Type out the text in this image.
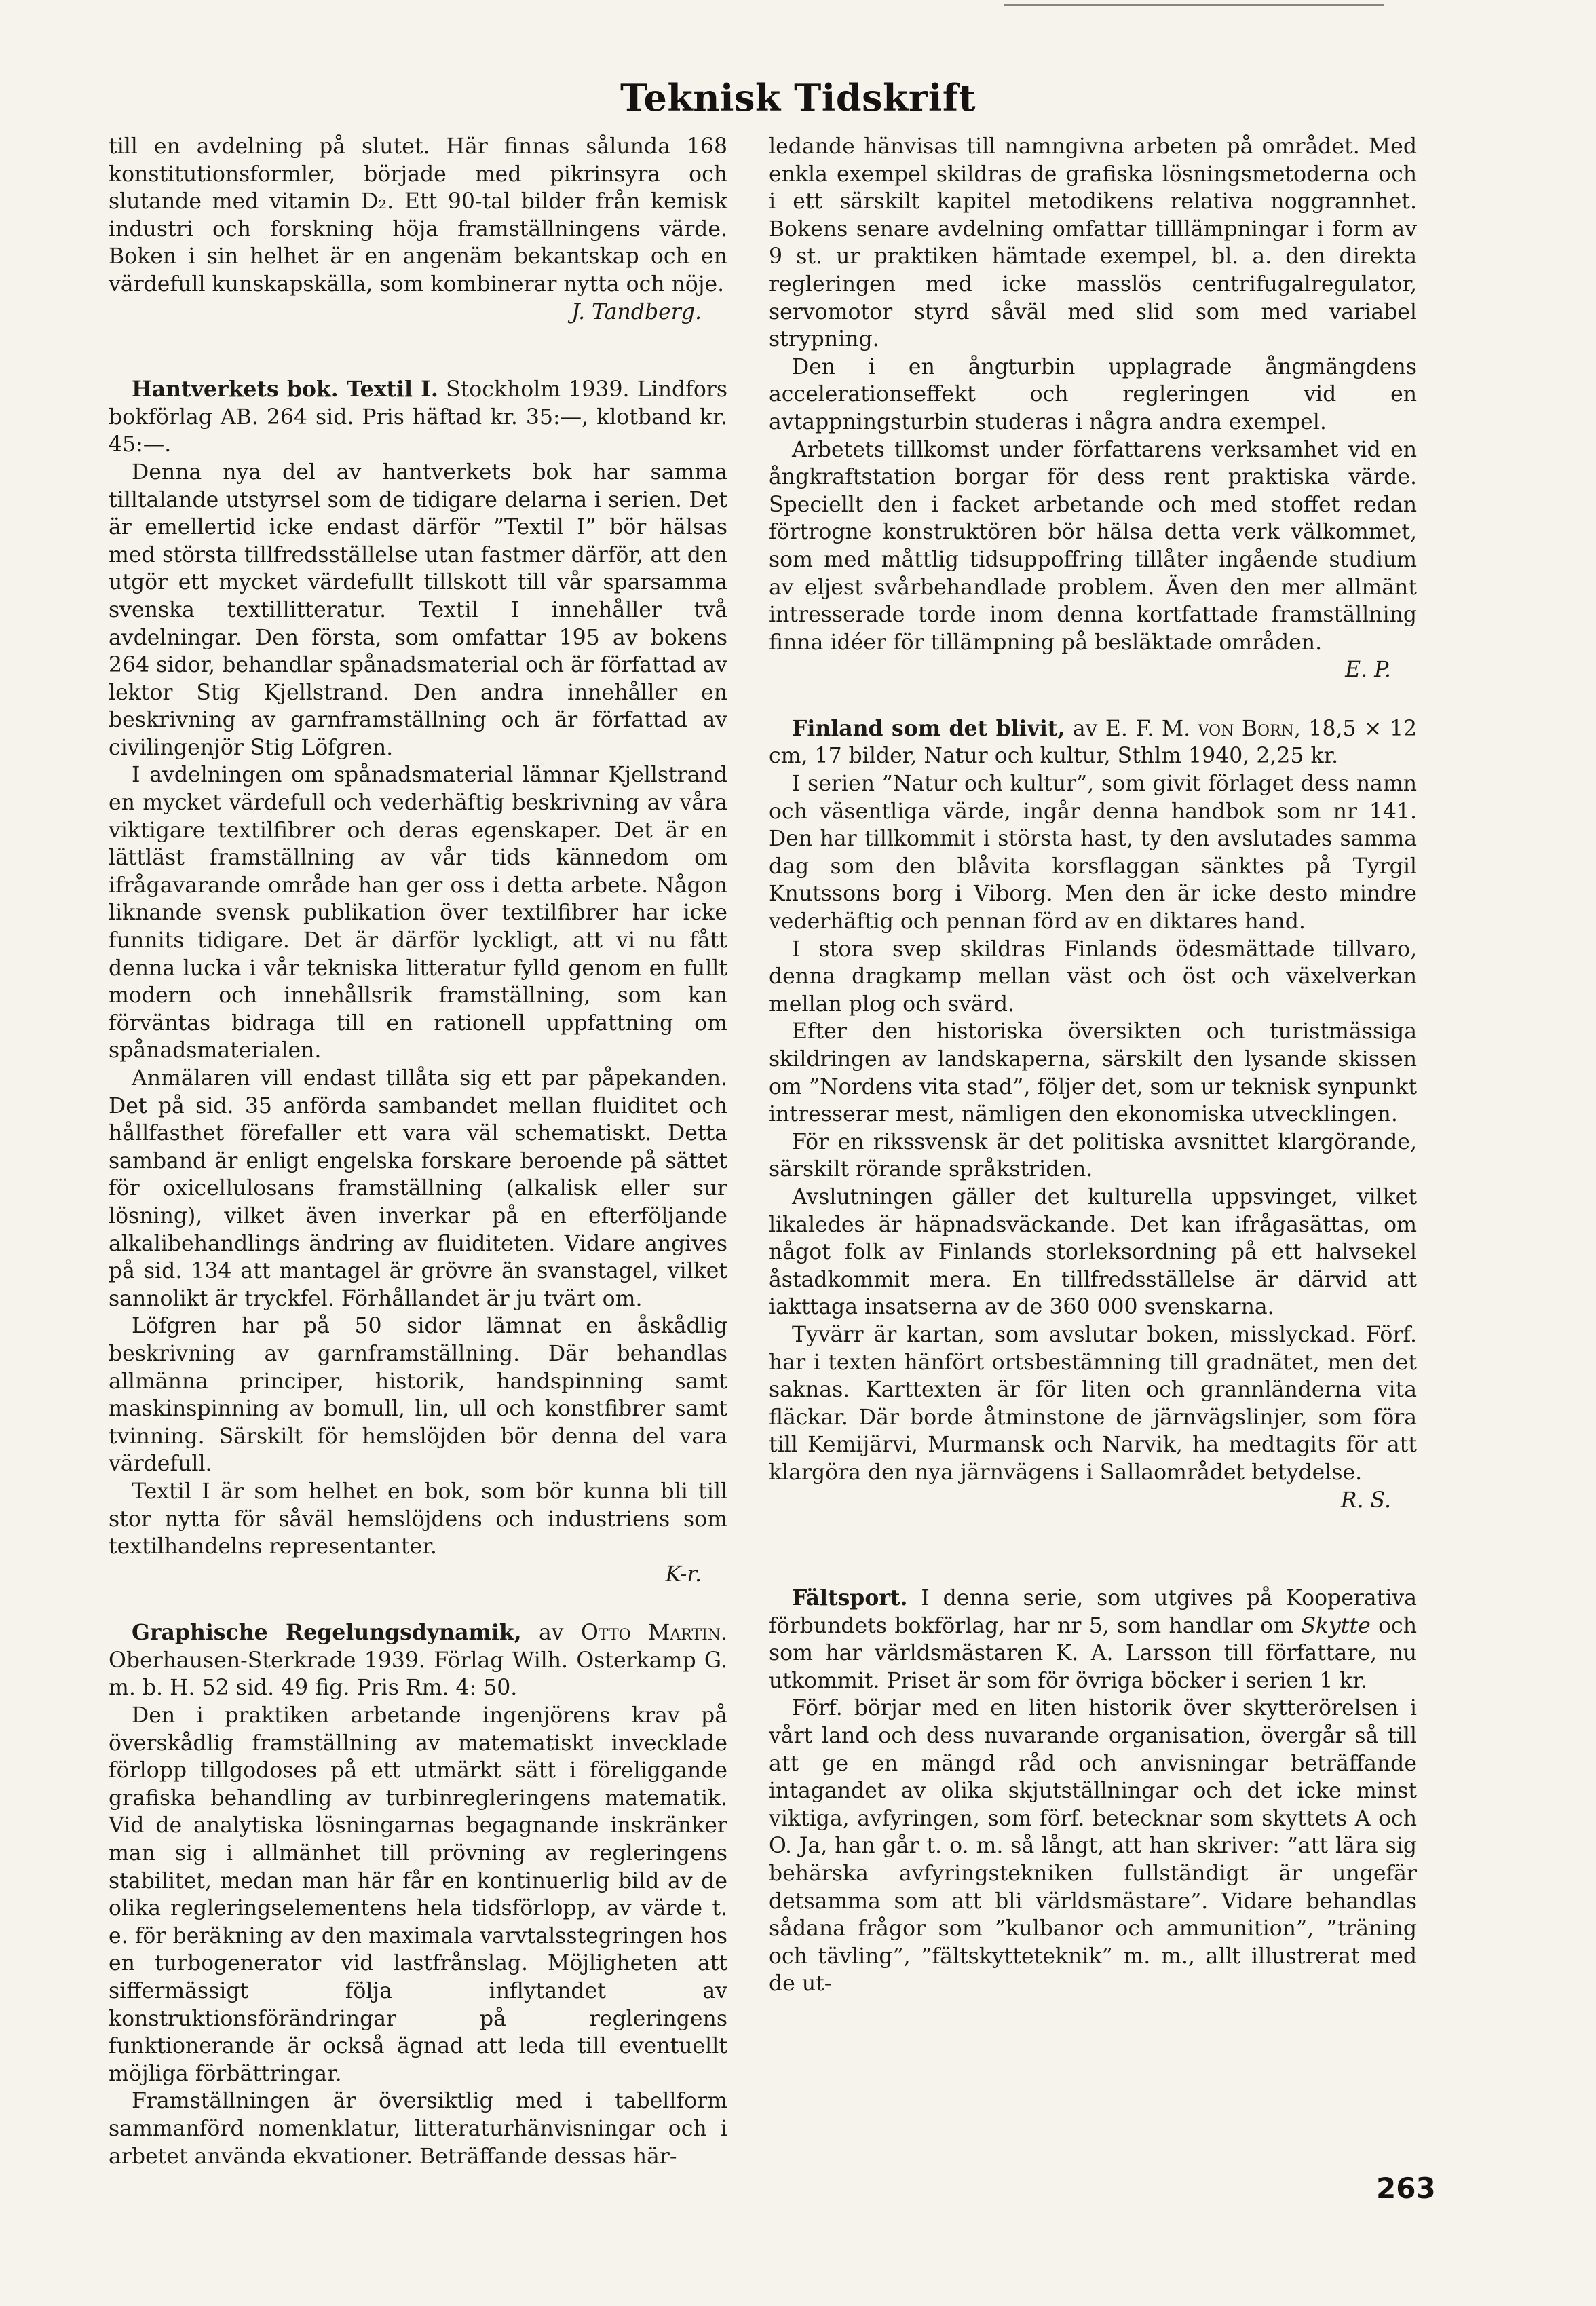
Teknisk Tidskrift

till en avdelning på slutet. Här finnas sålunda 168 konstitutionsformler, började med pikrinsyra och slutande med vitamin D₂. Ett 90-tal bilder från kemisk industri och forskning höja framställningens värde. Boken i sin helhet är en angenäm bekantskap och en värdefull kunskapskälla, som kombinerar nytta och nöje.

J. Tandberg.

Hantverkets bok. Textil I. Stockholm 1939. Lindfors bokförlag AB. 264 sid. Pris häftad kr. 35:—, klotband kr. 45:—.

Denna nya del av hantverkets bok har samma tilltalande utstyrsel som de tidigare delarna i serien. Det är emellertid icke endast därför ”Textil I” bör hälsas med största tillfredsställelse utan fastmer därför, att den utgör ett mycket värdefullt tillskott till vår sparsamma svenska textillitteratur. Textil I innehåller två avdelningar. Den första, som omfattar 195 av bokens 264 sidor, behandlar spånadsmaterial och är författad av lektor Stig Kjellstrand. Den andra innehåller en beskrivning av garnframställning och är författad av civilingenjör Stig Löfgren.

I avdelningen om spånadsmaterial lämnar Kjellstrand en mycket värdefull och vederhäftig beskrivning av våra viktigare textilfibrer och deras egenskaper. Det är en lättläst framställning av vår tids kännedom om ifrågavarande område han ger oss i detta arbete. Någon liknande svensk publikation över textilfibrer har icke funnits tidigare. Det är därför lyckligt, att vi nu fått denna lucka i vår tekniska litteratur fylld genom en fullt modern och innehållsrik framställning, som kan förväntas bidraga till en rationell uppfattning om spånadsmaterialen.

Anmälaren vill endast tillåta sig ett par påpekanden. Det på sid. 35 anförda sambandet mellan fluiditet och hållfasthet förefaller ett vara väl schematiskt. Detta samband är enligt engelska forskare beroende på sättet för oxicellulosans framställning (alkalisk eller sur lösning), vilket även inverkar på en efterföljande alkalibehandlings ändring av fluiditeten. Vidare angives på sid. 134 att mantagel är grövre än svanstagel, vilket sannolikt är tryckfel. Förhållandet är ju tvärt om.

Löfgren har på 50 sidor lämnat en åskådlig beskrivning av garnframställning. Där behandlas allmänna principer, historik, handspinning samt maskinspinning av bomull, lin, ull och konstfibrer samt tvinning. Särskilt för hemslöjden bör denna del vara värdefull.

Textil I är som helhet en bok, som bör kunna bli till stor nytta för såväl hemslöjdens och industriens som textilhandelns representanter.

K-r.

Graphische Regelungsdynamik, av Otto Martin. Oberhausen-Sterkrade 1939. Förlag Wilh. Osterkamp G. m. b. H. 52 sid. 49 fig. Pris Rm. 4: 50.

Den i praktiken arbetande ingenjörens krav på överskådlig framställning av matematiskt invecklade förlopp tillgodoses på ett utmärkt sätt i föreliggande grafiska behandling av turbinregleringens matematik. Vid de analytiska lösningarnas begagnande inskränker man sig i allmänhet till prövning av regleringens stabilitet, medan man här får en kontinuerlig bild av de olika regleringselementens hela tidsförlopp, av värde t. e. för beräkning av den maximala varvtalsstegringen hos en turbogenerator vid lastfrånslag. Möjligheten att siffermässigt följa inflytandet av konstruktionsförändringar på regleringens funktionerande är också ägnad att leda till eventuellt möjliga förbättringar.

Framställningen är översiktlig med i tabellform sammanförd nomenklatur, litteraturhänvisningar och i arbetet använda ekvationer. Beträffande dessas här-

ledande hänvisas till namngivna arbeten på området. Med enkla exempel skildras de grafiska lösningsmetoderna och i ett särskilt kapitel metodikens relativa noggrannhet. Bokens senare avdelning omfattar tilllämpningar i form av 9 st. ur praktiken hämtade exempel, bl. a. den direkta regleringen med icke masslös centrifugalregulator, servomotor styrd såväl med slid som med variabel strypning.

Den i en ångturbin upplagrade ångmängdens accelerationseffekt och regleringen vid en avtappningsturbin studeras i några andra exempel.

Arbetets tillkomst under författarens verksamhet vid en ångkraftstation borgar för dess rent praktiska värde. Speciellt den i facket arbetande och med stoffet redan förtrogne konstruktören bör hälsa detta verk välkommet, som med måttlig tidsuppoffring tillåter ingående studium av eljest svårbehandlade problem. Även den mer allmänt intresserade torde inom denna kortfattade framställning finna idéer för tillämpning på besläktade områden.

E. P.

Finland som det blivit, av E. F. M. von Born, 18,5 × 12 cm, 17 bilder, Natur och kultur, Sthlm 1940, 2,25 kr.

I serien ”Natur och kultur”, som givit förlaget dess namn och väsentliga värde, ingår denna handbok som nr 141. Den har tillkommit i största hast, ty den avslutades samma dag som den blåvita korsflaggan sänktes på Tyrgil Knutssons borg i Viborg. Men den är icke desto mindre vederhäftig och pennan förd av en diktares hand.

I stora svep skildras Finlands ödesmättade tillvaro, denna dragkamp mellan väst och öst och växelverkan mellan plog och svärd.

Efter den historiska översikten och turistmässiga skildringen av landskaperna, särskilt den lysande skissen om ”Nordens vita stad”, följer det, som ur teknisk synpunkt intresserar mest, nämligen den ekonomiska utvecklingen.

För en rikssvensk är det politiska avsnittet klargörande, särskilt rörande språkstriden.

Avslutningen gäller det kulturella uppsvinget, vilket likaledes är häpnadsväckande. Det kan ifrågasättas, om något folk av Finlands storleksordning på ett halvsekel åstadkommit mera. En tillfredsställelse är därvid att iakttaga insatserna av de 360 000 svenskarna.

Tyvärr är kartan, som avslutar boken, misslyckad. Förf. har i texten hänfört ortsbestämning till gradnätet, men det saknas. Karttexten är för liten och grannländerna vita fläckar. Där borde åtminstone de järnvägslinjer, som föra till Kemijärvi, Murmansk och Narvik, ha medtagits för att klargöra den nya järnvägens i Sallaområdet betydelse.

R. S.

Fältsport. I denna serie, som utgives på Kooperativa förbundets bokförlag, har nr 5, som handlar om Skytte och som har världsmästaren K. A. Larsson till författare, nu utkommit. Priset är som för övriga böcker i serien 1 kr.

Förf. börjar med en liten historik över skytterörelsen i vårt land och dess nuvarande organisation, övergår så till att ge en mängd råd och anvisningar beträffande intagandet av olika skjutställningar och det icke minst viktiga, avfyringen, som förf. betecknar som skyttets A och O. Ja, han går t. o. m. så långt, att han skriver: ”att lära sig behärska avfyringstekniken fullständigt är ungefär detsamma som att bli världsmästare”. Vidare behandlas sådana frågor som ”kulbanor och ammunition”, ”träning och tävling”, ”fältskytteteknik” m. m., allt illustrerat med de ut-

263
